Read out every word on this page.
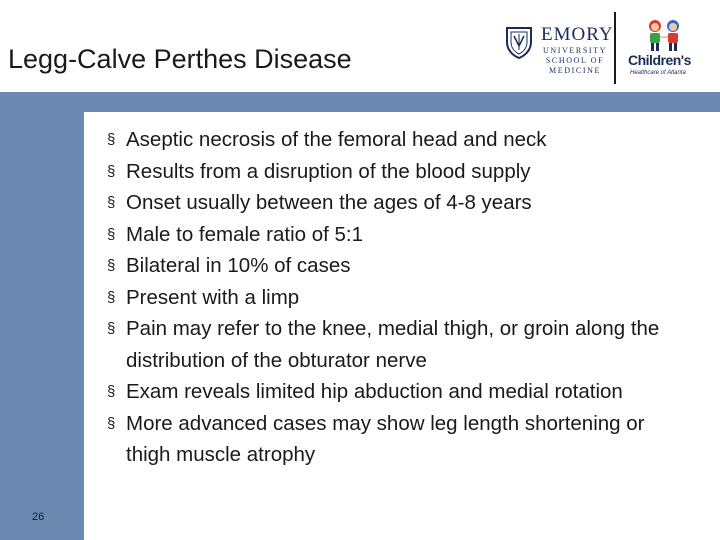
Legg-Calve Perthes Disease
EMORY
UNIVERSITY
SCHOOL OF
MEDICINE
Children's
Healthcare of Atlanta
§ Aseptic necrosis of the femoral head and neck
§ Results from a disruption of the blood supply
§ Onset usually between the ages of 4-8 years
§ Male to female ratio of 5:1
§ Bilateral in 10% of cases
§ Present with a limp
§ Pain may refer to the knee, medial thigh, or groin along the distribution of the obturator nerve
§ Exam reveals limited hip abduction and medial rotation
§ More advanced cases may show leg length shortening or thigh muscle atrophy
26
